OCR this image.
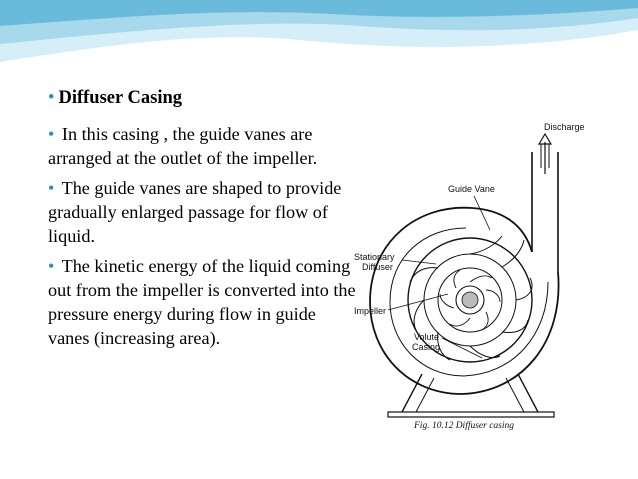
• Diffuser Casing
• In this casing , the guide vanes are arranged at the outlet of the impeller.
• The guide vanes are shaped to provide gradually enlarged passage for flow of liquid.
• The kinetic energy of the liquid coming out from the impeller is converted into the pressure energy during flow in guide vanes (increasing area).
Discharge
Guide Vane
Stationary
Diffuser
Impeller
Volute
Casing
Fig. 10.12 Diffuser casing
